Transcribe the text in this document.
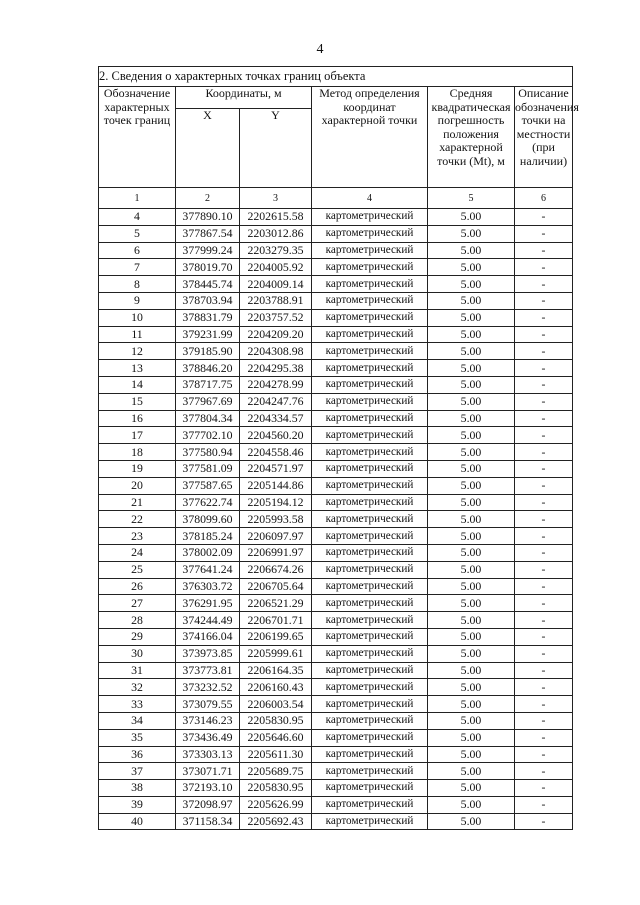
4
2. Сведения о характерных точках границ объекта					
Обозначение характерных точек границ	Координаты, м		Метод определения координат характерной точки	Средняя квадратическая погрешность положения характерной точки (Mt), м	Описание обозначения точки на местности (при наличии)
	X	Y			
1	2	3	4	5	6
4	377890.10	2202615.58	картометрический	5.00	-
5	377867.54	2203012.86	картометрический	5.00	-
6	377999.24	2203279.35	картометрический	5.00	-
7	378019.70	2204005.92	картометрический	5.00	-
8	378445.74	2204009.14	картометрический	5.00	-
9	378703.94	2203788.91	картометрический	5.00	-
10	378831.79	2203757.52	картометрический	5.00	-
11	379231.99	2204209.20	картометрический	5.00	-
12	379185.90	2204308.98	картометрический	5.00	-
13	378846.20	2204295.38	картометрический	5.00	-
14	378717.75	2204278.99	картометрический	5.00	-
15	377967.69	2204247.76	картометрический	5.00	-
16	377804.34	2204334.57	картометрический	5.00	-
17	377702.10	2204560.20	картометрический	5.00	-
18	377580.94	2204558.46	картометрический	5.00	-
19	377581.09	2204571.97	картометрический	5.00	-
20	377587.65	2205144.86	картометрический	5.00	-
21	377622.74	2205194.12	картометрический	5.00	-
22	378099.60	2205993.58	картометрический	5.00	-
23	378185.24	2206097.97	картометрический	5.00	-
24	378002.09	2206991.97	картометрический	5.00	-
25	377641.24	2206674.26	картометрический	5.00	-
26	376303.72	2206705.64	картометрический	5.00	-
27	376291.95	2206521.29	картометрический	5.00	-
28	374244.49	2206701.71	картометрический	5.00	-
29	374166.04	2206199.65	картометрический	5.00	-
30	373973.85	2205999.61	картометрический	5.00	-
31	373773.81	2206164.35	картометрический	5.00	-
32	373232.52	2206160.43	картометрический	5.00	-
33	373079.55	2206003.54	картометрический	5.00	-
34	373146.23	2205830.95	картометрический	5.00	-
35	373436.49	2205646.60	картометрический	5.00	-
36	373303.13	2205611.30	картометрический	5.00	-
37	373071.71	2205689.75	картометрический	5.00	-
38	372193.10	2205830.95	картометрический	5.00	-
39	372098.97	2205626.99	картометрический	5.00	-
40	371158.34	2205692.43	картометрический	5.00	-
